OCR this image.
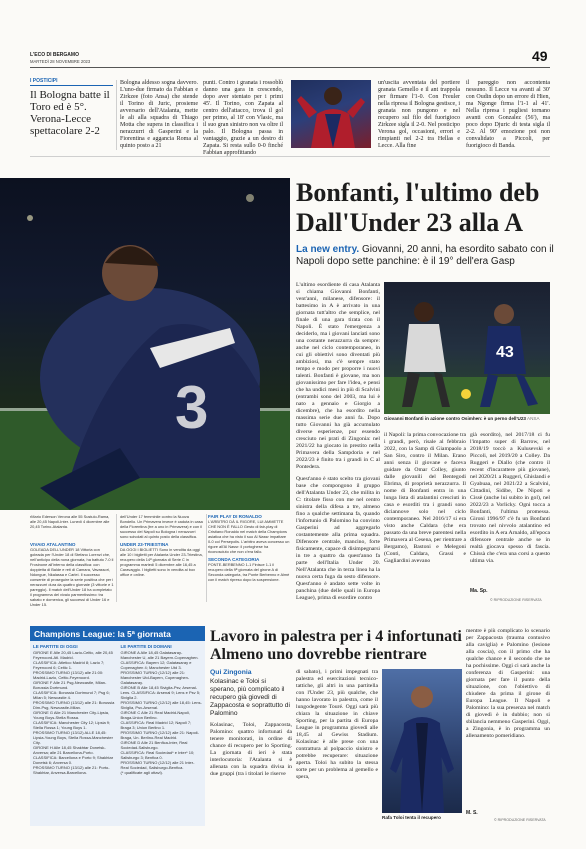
L'ECO DI BERGAMO
MARTEDÌ 28 NOVEMBRE 2023	49
I POSTICIPI
Il Bologna batte il Toro ed è 5°. Verona-Lecce spettacolare 2-2
Bologna aldesso sogna davvero. L'uno-due firmato da Fabbian e Zirkzee (foto Ansa) che stende il Torino di Juric, prosieme avversario dell'Atalanta, mette le ali alla squadra di Thiago Motta che supera in classifica i nerazzurri di Gasperini e la Fiorentina e aggancia Roma al quinto posto a 21
punti. Contro i granata i rossoblù danno una gara in crescendo, dopo aver stentato per i primi 45'. Il Torino, con Zapata al centro dell'attacco, trova il gol per primo, al 18' con Vlasic, ma il suo gran sinistro non va oltre il palo. Il Bologna passa in vantaggio, grazie a un destro di Zapata. Si resta sullo 0-0 finché Fabbian approfittando
un'uscita avventata del portiere granata Gemello e il ant trappola per firmare l'1-0. Con Freuler nella ripresa il Bologna gestisce, i granata non pungono e nel recupero sul filo del fuorigioco Zirkzee sigla il 2-0. Nel posticipo Verona gol, occasioni, errori e rimpianti nel 2-2 tra Hellas e Lecce. Alla fine
il pareggio non accontenta nessuno. Il Lecce va avanti al 30' con Oudin dopo un errore di Hien, ma Ngonge firma l'1-1 al 41'. Nella ripresa i pugliesi tornano avanti con Gonzalez (56'), ma poco dopo Djuric di testa sigla il 2-2. Al 90' emozione poi non convalidato a Piccoli, per fuorigioco di Banda.
3
Bonfanti, l'ultimo deb
Dall'Under 23 alla A
La new entry. Giovanni, 20 anni, ha esordito sabato con il Napoli dopo sette panchine: è il 19° dell'era Gasp
L'ultimo esordiente di casa Atalanta si chiama Giovanni Bonfanti, vent'anni, milanese, difensore: il battesimo in A è arrivato in una giornata tutt'altro che semplice, nel finale di una gara tirata con il Napoli. È stato l'emergenza a deciderlo, ma i giovani lanciati sono una costante nerazzurra da sempre: anche nel ciclo contemporaneo, in cui gli obiettivi sono diventati più ambiziosi, ma c'è sempre stato tempo e modo per proporre i nuovi talenti. Bonfanti è giovane, ma non giovanissimo per fare l'idea, e pensi che ha undici mesi in più di Scalvini (entrambi sono del 2003, ma lui è nato a gennaio e Giorgio a dicembre), che ha esordito nella massima serie due anni fa. Dopo tutto Giovanni ha già accumulato diverse esperienze, pur essendo cresciuto nei prati di Zingonia: nel 2021/22 ha giocato in prestito nella Primavera della Sampdoria e nel 2022/23 è finito tra i grandi in C al Pontedera.
Quest'anno è stato scelto tra giovani base che compongono il gruppo dell'Atalanta Under 23, che milita in C: titolare fisso con me nel centro sinistra della difesa a tre, almeno fino a qualche settimana fa, quando l'infortunio di Palomino ha convinto Gasperini ad aggregarlo costantemente alla prima squadra. Difensore centrale, mancino, forte fisicamente, capace di disimpegnarsi in tre a quattro da quest'anno fa parte dell'Italia Under 20. Nell'Atalanta che in terza linea ha la nuova certa fuga da sesto difensore. Quest'anno è andato sette volte in panchina (due delle quali in Europa League), prima di esordire contro
43
Giovanni Bonfanti in azione contro Osimhen: è un perno dell'U23 ANSA
il Napoli: la prima convocazione tra i grandi, però, risale al febbraio 2022, con la Samp di Giampaolo a San Siro, contro il Milan. Erano anni senza il giovane e faceva guidare da Omar Colley, giunto dalle giovanili del Bentegodi Ebrima, di proprietà nerazzurra. Il nome di Bonfanti entra in una lunga lista di atalantini cresciuti in casa e esorditi tra i grandi sono diciannove solo nel ciclo contemporaneo. Nel 2016/17 si era visto anche Caldara (che era passato da una breve parentesi nella Primavera al Cesena, per rientrare a Bergamo), Bastoni e Melegoni (Conti, Caldara, Grassi e Gagliardini avevano
già esordito), nel 2017/18 ci fu l'impatto super di Barrow, nel 2018/19 toccò a Kulusevski e Piccoli, nel 2019/20 a Colley. Da Ruggeri e Diallo (che contro il recent d'incarattere più giovane), nel 2020/21 a Ruggeri, Ghislandi e Gyabuaa, nel 2021/22 a Scalvini, Cittadini, Sidibe, De Nipoti e Cissè (anche lui subito in gol), nel 2022/23 a Vorlicky. Ogni tocca a Bonfanti, l'ultima promessa. Gironi 1996/97 c'è fu un Bonfanti trovato nel nivvolo atalantino ed esordito in A era Arnaldo, all'epoca difensore centrale anche se in realtà giocava spesso di fascia. Chissà che c'era una corsi a questo ultima via.
Ma. Sp.
© RIPRODUZIONE RISERVATA
rMario Ederson Verona alle 55 Sustulo-Rama, alle 20,45 Napoli-Inter. Lunedì 4 dicembre alle 20,45 Torino-Atalanta.
VIVAIO ATALANTINO
GOLEADA DELL'UNDER 18 Vittoria con goleada per l'Under 18 di Stefano Lorenzi che, nell'anticipo della nona giornata, ha battuto 7-0 il Frosinone all'interno della classifica: con doppietta di Balde e reti di Camara, Vavassori, Ndongue, Nkalassa e Carlei. Il successo consente di proseguire la serie positiva che per i nerazzurri dura da quattro giornate (3 vittorie e 1 pareggio). Il match dell'Under 18 ha completato il programma del vivaio parmentissimo: tra sabato e domenica, gli successi di Under 16 e Under 15.
dell'Under 17 femminile contro la Nuova Bondello. Un Primavera invece è caduta in casa della Fiorentina (tre a uno in Primavera) e con il successo del Napoli su Bologna i nerazzurri sono scivolati al quinto posto della classifica.
UNDER 23-TRIESTINA
DA OGGI I BIGLIETTI Sono in vendita da oggi alle 10 i biglietti per Atalanta Under 23-Triestina, recupero della 14ª giornata di Serie C in programma martedì 5 dicembre alle 16,45 a Caravaggio. I biglietti sono in vendita al box office e online.
FAIR PLAY DI RONALDO
L'ARBITRO DÀ IL RIGORE, LUI AMMETTE CHE NON È FALLO Gesto di fair-play di Cristiano Ronaldo nel match della Champions asiatica che ha visto il suo Al Nassr impattare 0-0 col Persepolis. L'arbitro aveva concesso un rigore all'Al Nassr: il portoghese ha riconosciuto che non c'era fallo.
SECONDA CATEGORIA
PONTE-BERBENNO 1-1 Finisce 1-1 il recupero della 9ª giornata del girone A di Seconda categoria, tra Ponte Berbenno e Almè con il match ripreso dopo la sospensione.
Champions League: la 5ª giornata
LE PARTITE DI OGGI
GIRONE E Alle 20,45 Lazio-Celtic, alle 20,45 Feyenoord-Atl. Madrid.
CLASSIFICA: Atletico Madrid 8; Lazio 7; Feyenoord 6; Celtic 1.
PROSSIMO TURNO (13/12) alle 21:00: Madrid-Lazio, Celtic-Feyenoord.
GIRONE F Alle 21 Psg-Newcastle, Milan-Borussia Dortmund.
CLASSIFICA: Borussia Dortmund 7; Psg 6; Milan 5; Newcastle 4.
PROSSIMO TURNO (13/12) alle 21: Borussia Dim-Psg, Newcastle-Milan.
GIRONE G Alle 21 Manchester City-Lipsia, Young Boys-Stella Rossa.
CLASSIFICA: Manchester City 12; Lipsia 9; Stella Rossa 1; Young Boys 1.
PROSSIMO TURNO (13/12) ALLE 18,45: Lipsia-Young Boys, Stella Rossa-Manchester City.
GIRONE H Alle 18,45 Shakhtar Donetsk-Anversa; alle 21 Barcellona-Porto.
CLASSIFICA: Barcellona e Porto 9; Shakhtar Donetsk 6; Anversa 0.
PROSSIMO TURNO (13/12) alle 21: Porto-Shakhtar, Anversa-Barcellona.
LE PARTITE DI DOMANI
GIRONE A Alle 18,45 Galatasaray-Manchester U, alle 21 Bayern-Copenaghen.
CLASSIFICA: Bayern 12; Galatasaray e Copenaghen 4; Manchester Utd 3.
PROSSIMO TURNO (12/12) alle 21: Manchester Utd-Bayern, Copenaghen-Galatasaray.
GIRONE B Alle 18,45 Siviglia-Psv, Arsenal-Lens. CLASSIFICA: Arsenal 9; Lens e Psv 5; Siviglia 2.
PROSSIMO TURNO (12/12) alle 18,45: Lens-Siviglia, Psv-Arsenal.
GIRONE C Alle 21 Real Madrid-Napoli, Braga-Union Berlino.
CLASSIFICA: Real Madrid 12; Napoli 7; Braga 3; Union Berlino 1.
PROSSIMO TURNO (12/12) alle 21: Napoli-Braga, Un. Berlino-Real Madrid.
GIRONE D Alle 21 Benfica-Inter, Real Sociedad-Salisburgo.
CLASSIFICA: Real Sociedad* e Inter* 10; Salisburgo 3; Benfica 0.
PROSSIMO TURNO (12/12) alle 21 Inter-Real Sociedad, Salisburgo-Benfica.
(* qualificate agli ottavi).
Lavoro in palestra per i 4 infortunati
Almeno uno dovrebbe rientrare
Qui Zingonia
Kolasinac e Toloi si sperano, più complicato il recupero già giovedì di Zappacosta e soprattutto di Palomino
Kolasinac, Toloi, Zappacosta, Palomino: quattro infortunati da tenere monitorati, in ordine di chance di recupero per lo Sporting. La giornata di ieri è stata interlocutoria: l'Atalanta si è allenata con la squadra divisa in due gruppi (tra i titolari le riserve
di sabato), i primi impegnati tra palestra ed esercitazioni tecnico-tattiche, gli altri in una partitella con l'Under 23, più qualche, che hanno lavorato in palestra, come il lungodegente Touré. Oggi sarà più chiara la situazione in chiave Sporting, per la partita di Europa League in programma giovedì alle 18,45 al Gewiss Stadium. Kolasinac è alle prese con una contrattura al polpaccio sinistro e potrebbe recuperare: situazione aperta. Toloi ha subito la stessa sorte per un problema al gemello e spera,
Rafa Toloi tenta il recupero
mentre è più complicato lo scenario per Zappacosta (trauma contusivo alla caviglia) e Palomino (lesione alla coscia), con il primo che ha qualche chance e il secondo che ne ha pochissime. Oggi ci sarà anche la conferenza di Gasperini: una giornata per fare il punto della situazione, con l'obiettivo di chiudere da prima il girone di Europa League. Il Napoli e Palomino: la sua presenza nel match di giovedì è in dubbio; non si sbilancia nemmeno Gasperini. Oggi, a Zingonia, è in programma un allenamento pomeridiano.
M. S.
© RIPRODUZIONE RISERVATA
